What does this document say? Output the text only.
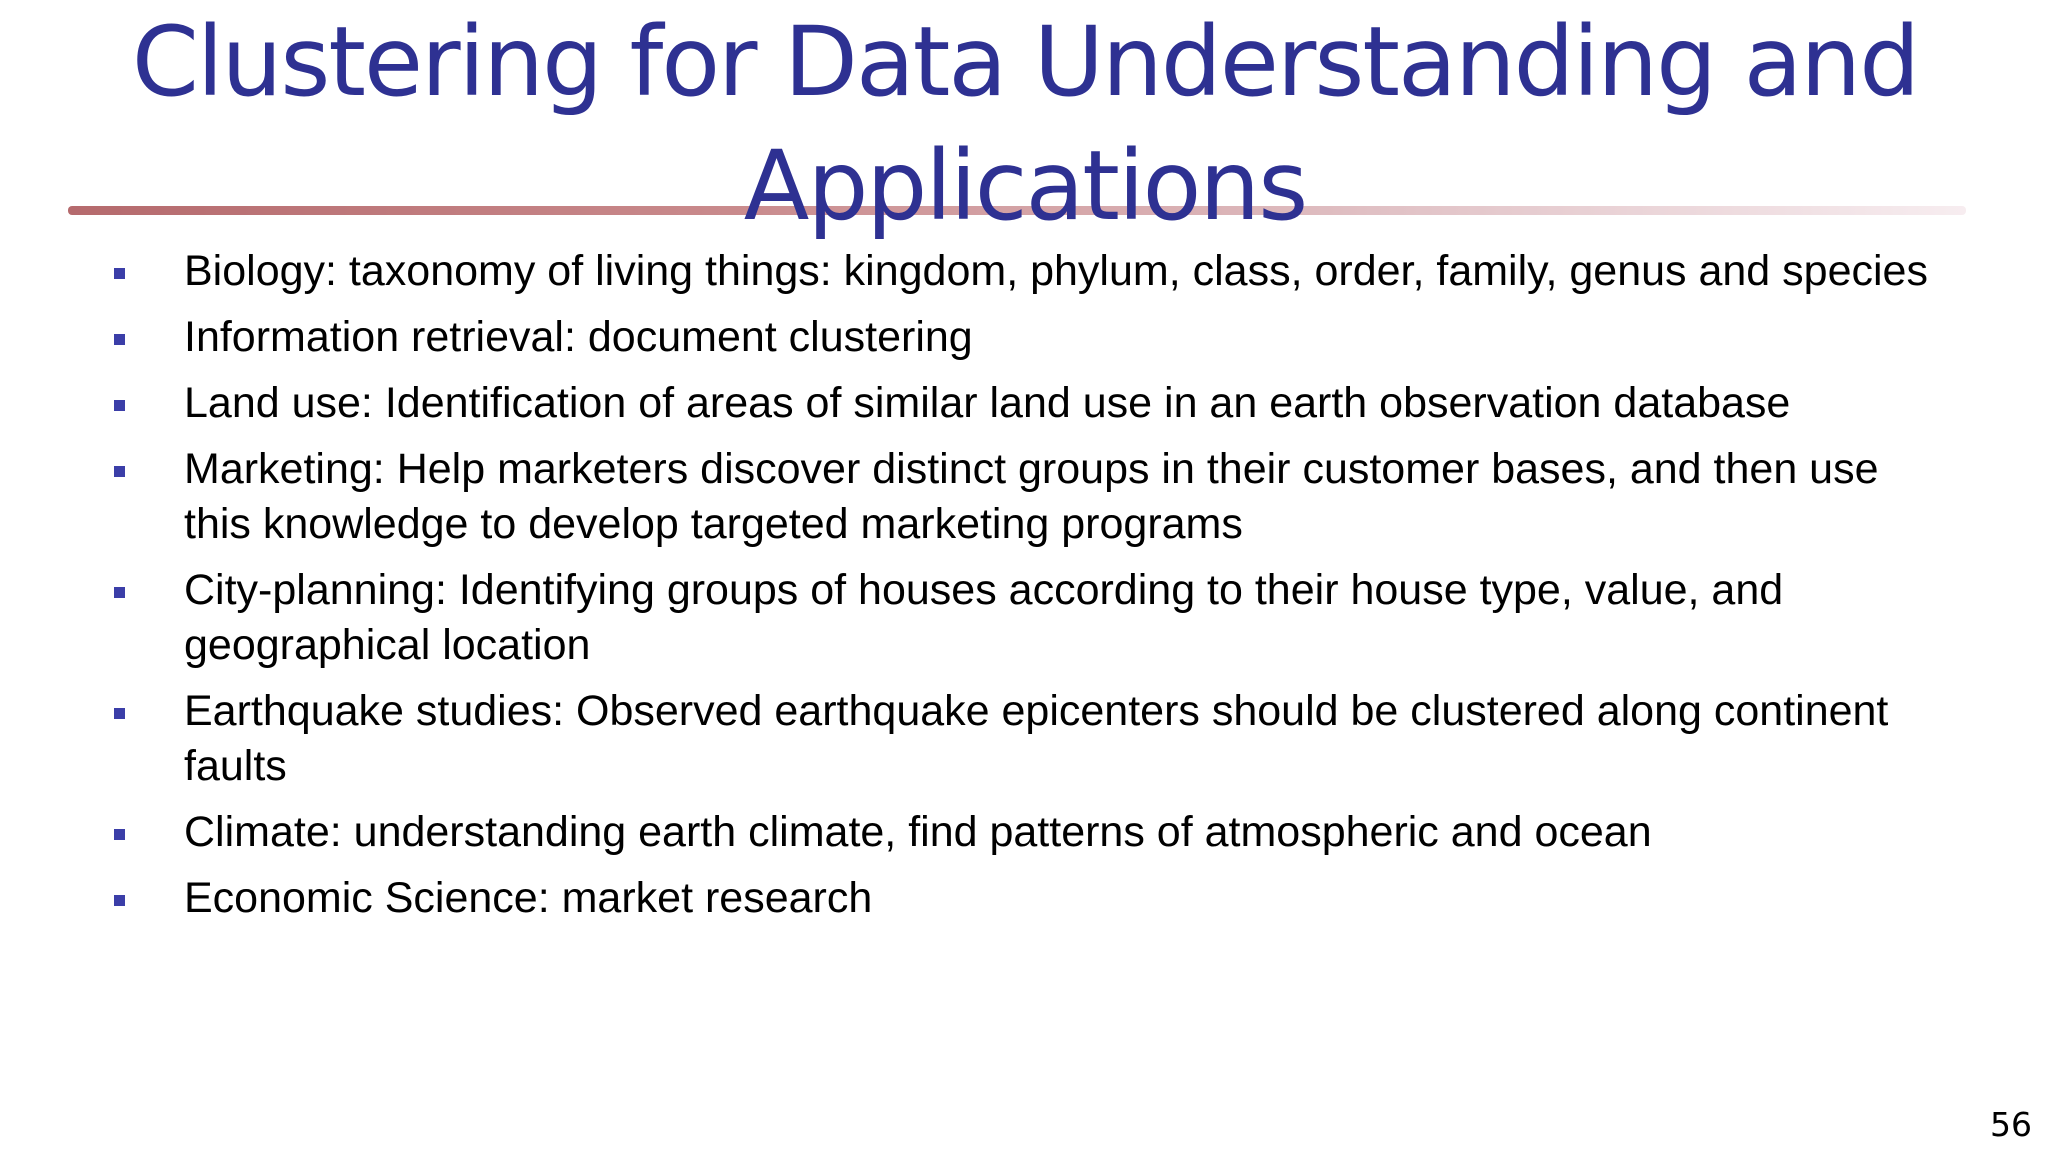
Clustering for Data Understanding and Applications
Biology: taxonomy of living things: kingdom, phylum, class, order, family, genus and species
Information retrieval: document clustering
Land use: Identification of areas of similar land use in an earth observation database
Marketing: Help marketers discover distinct groups in their customer bases, and then use this knowledge to develop targeted marketing programs
City-planning: Identifying groups of houses according to their house type, value, and geographical location
Earthquake studies: Observed earthquake epicenters should be clustered along continent faults
Climate: understanding earth climate, find patterns of atmospheric and ocean
Economic Science: market research
56
